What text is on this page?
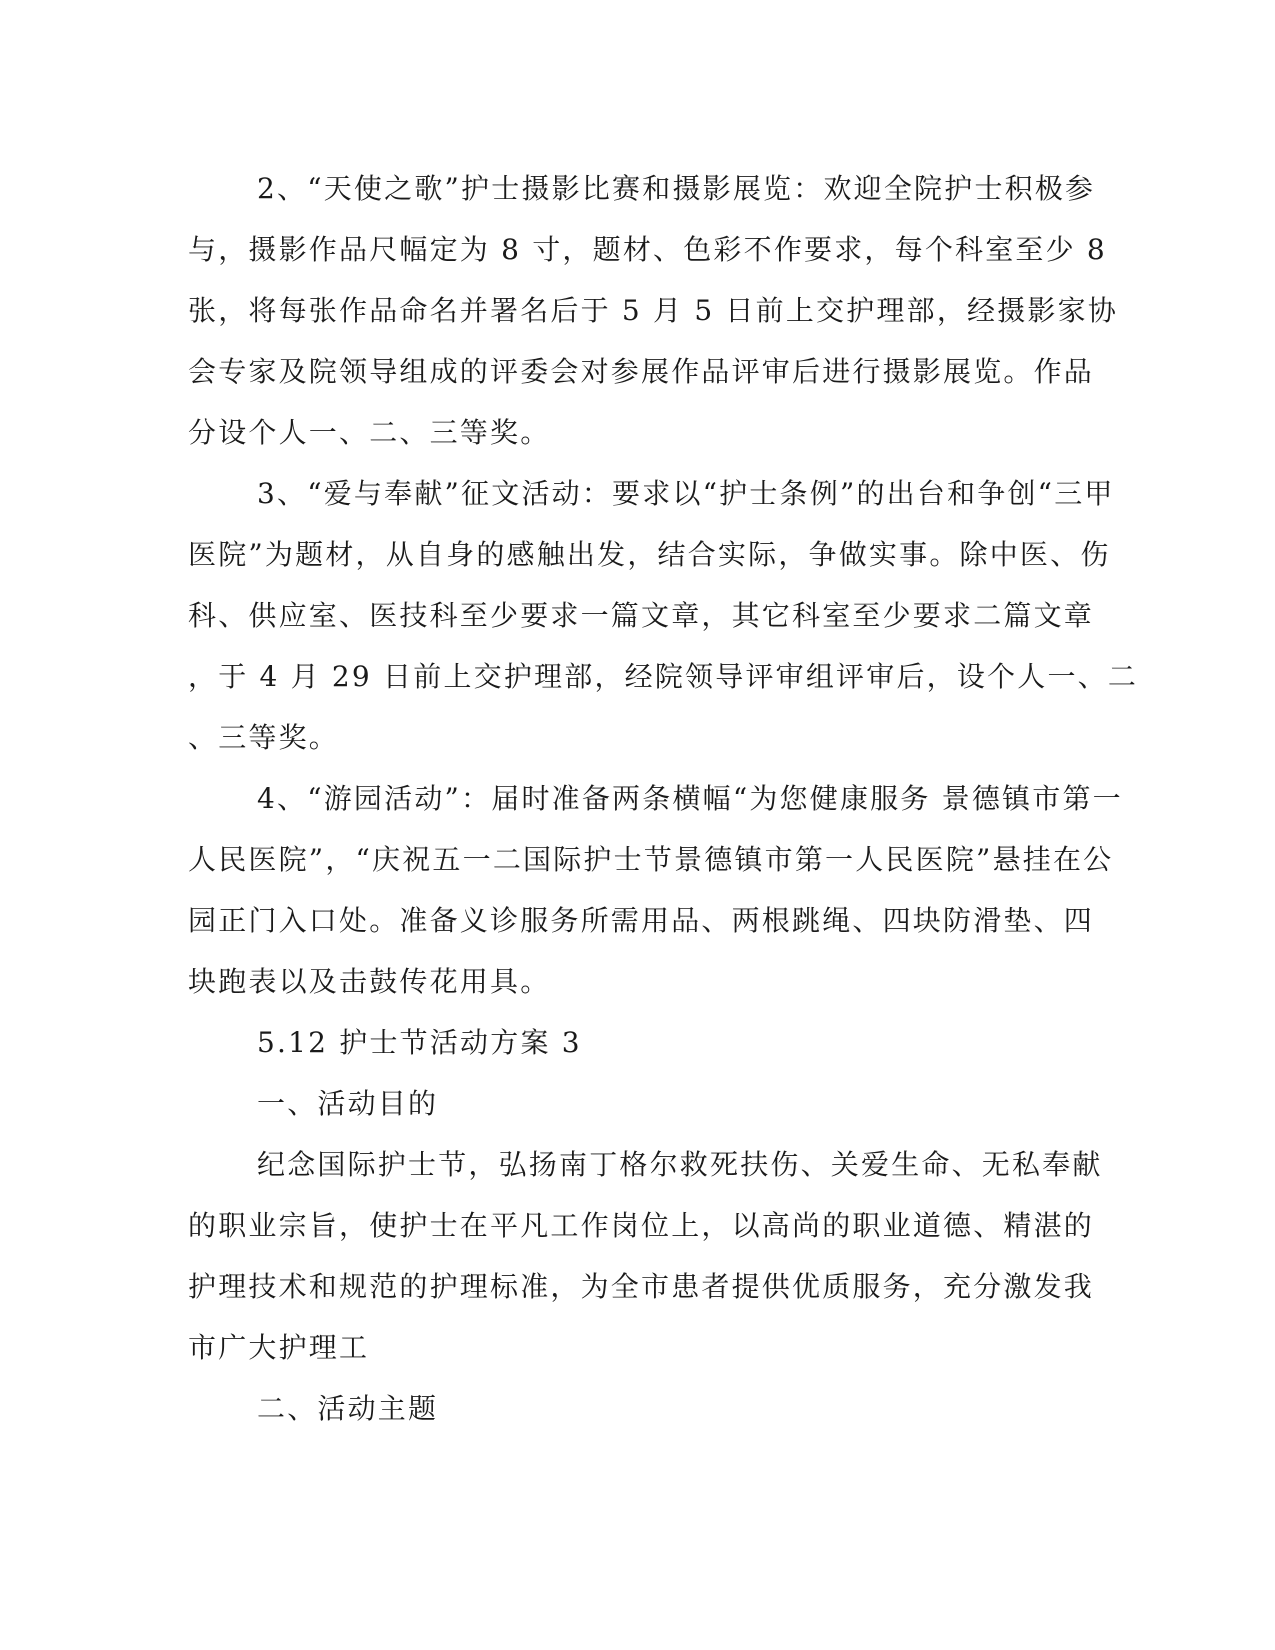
2、“天使之歌”护士摄影比赛和摄影展览：欢迎全院护士积极参
与，摄影作品尺幅定为 8 寸，题材、色彩不作要求，每个科室至少 8
张，将每张作品命名并署名后于 5 月 5 日前上交护理部，经摄影家协
会专家及院领导组成的评委会对参展作品评审后进行摄影展览。作品
分设个人一、二、三等奖。
3、“爱与奉献”征文活动：要求以“护士条例”的出台和争创“三甲
医院”为题材，从自身的感触出发，结合实际，争做实事。除中医、伤
科、供应室、医技科至少要求一篇文章，其它科室至少要求二篇文章
，于 4 月 29 日前上交护理部，经院领导评审组评审后，设个人一、二
、三等奖。
4、“游园活动”：届时准备两条横幅“为您健康服务 景德镇市第一
人民医院”，“庆祝五一二国际护士节景德镇市第一人民医院”悬挂在公
园正门入口处。准备义诊服务所需用品、两根跳绳、四块防滑垫、四
块跑表以及击鼓传花用具。
5.12 护士节活动方案 3
一、活动目的
纪念国际护士节，弘扬南丁格尔救死扶伤、关爱生命、无私奉献
的职业宗旨，使护士在平凡工作岗位上，以高尚的职业道德、精湛的
护理技术和规范的护理标准，为全市患者提供优质服务，充分激发我
市广大护理工
二、活动主题
